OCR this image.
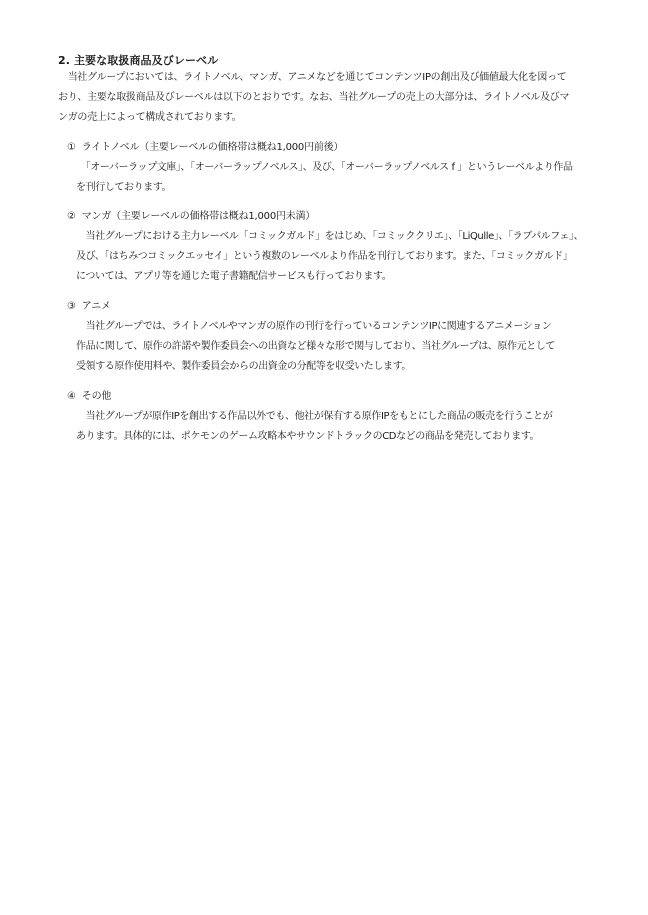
2. 主要な取扱商品及びレーベル
　当社グループにおいては、ライトノベル、マンガ、アニメなどを通じてコンテンツIPの創出及び価値最大化を図って
おり、主要な取扱商品及びレーベルは以下のとおりです。なお、当社グループの売上の大部分は、ライトノベル及びマ
ンガの売上によって構成されております。
① ライトノベル（主要レーベルの価格帯は概ね1,000円前後）
　「オーバーラップ文庫」、「オーバーラップノベルス」、及び、「オーバーラップノベルス f 」というレーベルより作品
を刊行しております。
② マンガ（主要レーベルの価格帯は概ね1,000円未満）
　当社グループにおける主力レーベル「コミックガルド」をはじめ、「コミッククリエ」、「LiQulle」、「ラブパルフェ」、
及び、「はちみつコミックエッセイ」という複数のレーベルより作品を刊行しております。また、「コミックガルド」
については、アプリ等を通じた電子書籍配信サービスも行っております。
③ アニメ
　当社グループでは、ライトノベルやマンガの原作の刊行を行っているコンテンツIPに関連するアニメーション
作品に関して、原作の許諾や製作委員会への出資など様々な形で関与しており、当社グループは、原作元として
受領する原作使用料や、製作委員会からの出資金の分配等を収受いたします。
④ その他
　当社グループが原作IPを創出する作品以外でも、他社が保有する原作IPをもとにした商品の販売を行うことが
あります。具体的には、ポケモンのゲーム攻略本やサウンドトラックのCDなどの商品を発売しております。
